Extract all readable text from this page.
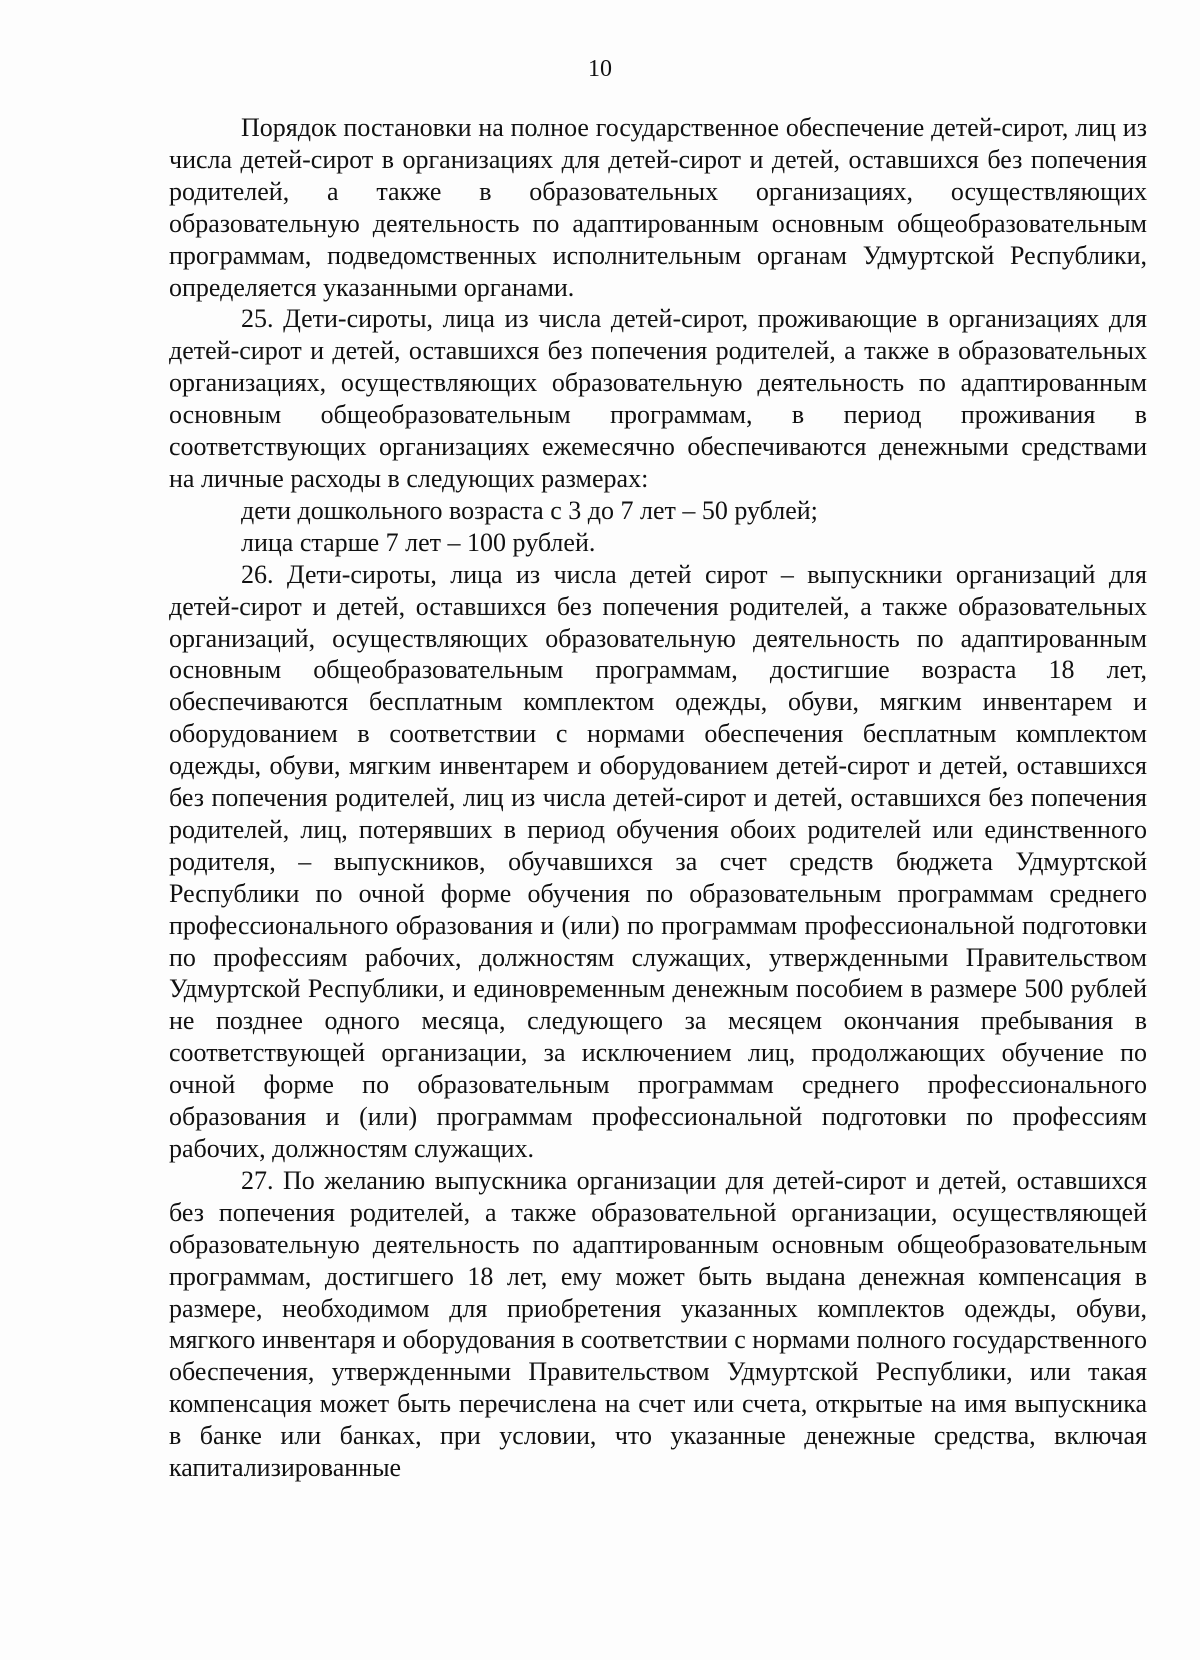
10

Порядок постановки на полное государственное обеспечение детей-сирот, лиц из числа детей-сирот в организациях для детей-сирот и детей, оставшихся без попечения родителей, а также в образовательных организациях, осуществляющих образовательную деятельность по адаптированным основным общеобразовательным программам, подведомственных исполнительным органам Удмуртской Республики, определяется указанными органами.

25. Дети-сироты, лица из числа детей-сирот, проживающие в организациях для детей-сирот и детей, оставшихся без попечения родителей, а также в образовательных организациях, осуществляющих образовательную деятельность по адаптированным основным общеобразовательным программам, в период проживания в соответствующих организациях ежемесячно обеспечиваются денежными средствами на личные расходы в следующих размерах:

дети дошкольного возраста с 3 до 7 лет – 50 рублей;

лица старше 7 лет – 100 рублей.

26. Дети-сироты, лица из числа детей сирот – выпускники организаций для детей-сирот и детей, оставшихся без попечения родителей, а также образовательных организаций, осуществляющих образовательную деятельность по адаптированным основным общеобразовательным программам, достигшие возраста 18 лет, обеспечиваются бесплатным комплектом одежды, обуви, мягким инвентарем и оборудованием в соответствии с нормами обеспечения бесплатным комплектом одежды, обуви, мягким инвентарем и оборудованием детей-сирот и детей, оставшихся без попечения родителей, лиц из числа детей-сирот и детей, оставшихся без попечения родителей, лиц, потерявших в период обучения обоих родителей или единственного родителя, – выпускников, обучавшихся за счет средств бюджета Удмуртской Республики по очной форме обучения по образовательным программам среднего профессионального образования и (или) по программам профессиональной подготовки по профессиям рабочих, должностям служащих, утвержденными Правительством Удмуртской Республики, и единовременным денежным пособием в размере 500 рублей не позднее одного месяца, следующего за месяцем окончания пребывания в соответствующей организации, за исключением лиц, продолжающих обучение по очной форме по образовательным программам среднего профессионального образования и (или) программам профессиональной подготовки по профессиям рабочих, должностям служащих.

27. По желанию выпускника организации для детей-сирот и детей, оставшихся без попечения родителей, а также образовательной организации, осуществляющей образовательную деятельность по адаптированным основным общеобразовательным программам, достигшего 18 лет, ему может быть выдана денежная компенсация в размере, необходимом для приобретения указанных комплектов одежды, обуви, мягкого инвентаря и оборудования в соответствии с нормами полного государственного обеспечения, утвержденными Правительством Удмуртской Республики, или такая компенсация может быть перечислена на счет или счета, открытые на имя выпускника в банке или банках, при условии, что указанные денежные средства, включая капитализированные
